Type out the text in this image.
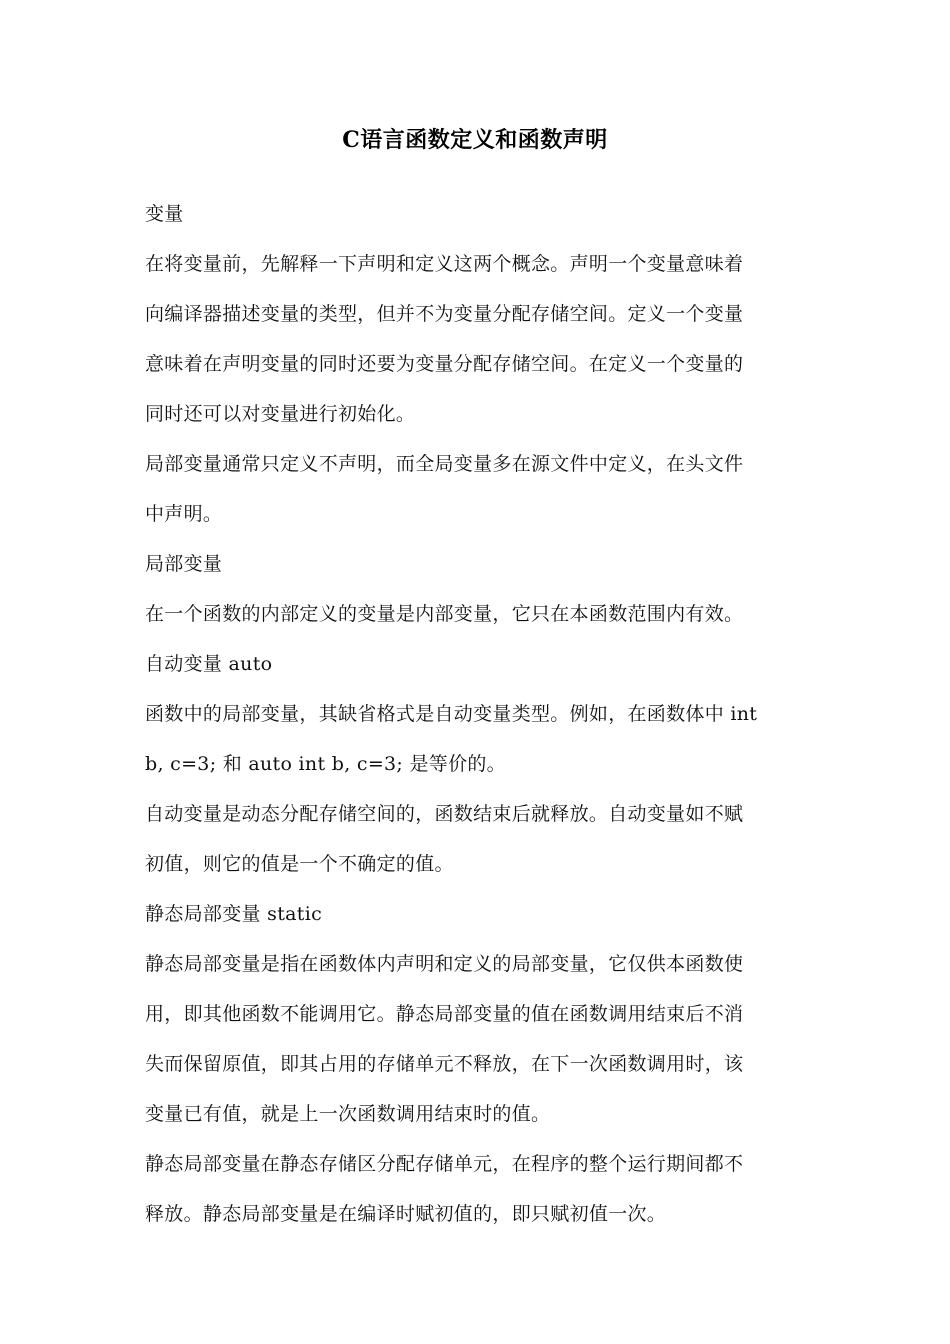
C语言函数定义和函数声明
变量
在将变量前，先解释一下声明和定义这两个概念。声明一个变量意味着
向编译器描述变量的类型，但并不为变量分配存储空间。定义一个变量
意味着在声明变量的同时还要为变量分配存储空间。在定义一个变量的
同时还可以对变量进行初始化。
局部变量通常只定义不声明，而全局变量多在源文件中定义，在头文件
中声明。
局部变量
在一个函数的内部定义的变量是内部变量，它只在本函数范围内有效。
自动变量 auto
函数中的局部变量，其缺省格式是自动变量类型。例如，在函数体中 int
b, c=3; 和 auto int b, c=3; 是等价的。
自动变量是动态分配存储空间的，函数结束后就释放。自动变量如不赋
初值，则它的值是一个不确定的值。
静态局部变量 static
静态局部变量是指在函数体内声明和定义的局部变量，它仅供本函数使
用，即其他函数不能调用它。静态局部变量的值在函数调用结束后不消
失而保留原值，即其占用的存储单元不释放，在下一次函数调用时，该
变量已有值，就是上一次函数调用结束时的值。
静态局部变量在静态存储区分配存储单元，在程序的整个运行期间都不
释放。静态局部变量是在编译时赋初值的，即只赋初值一次。
